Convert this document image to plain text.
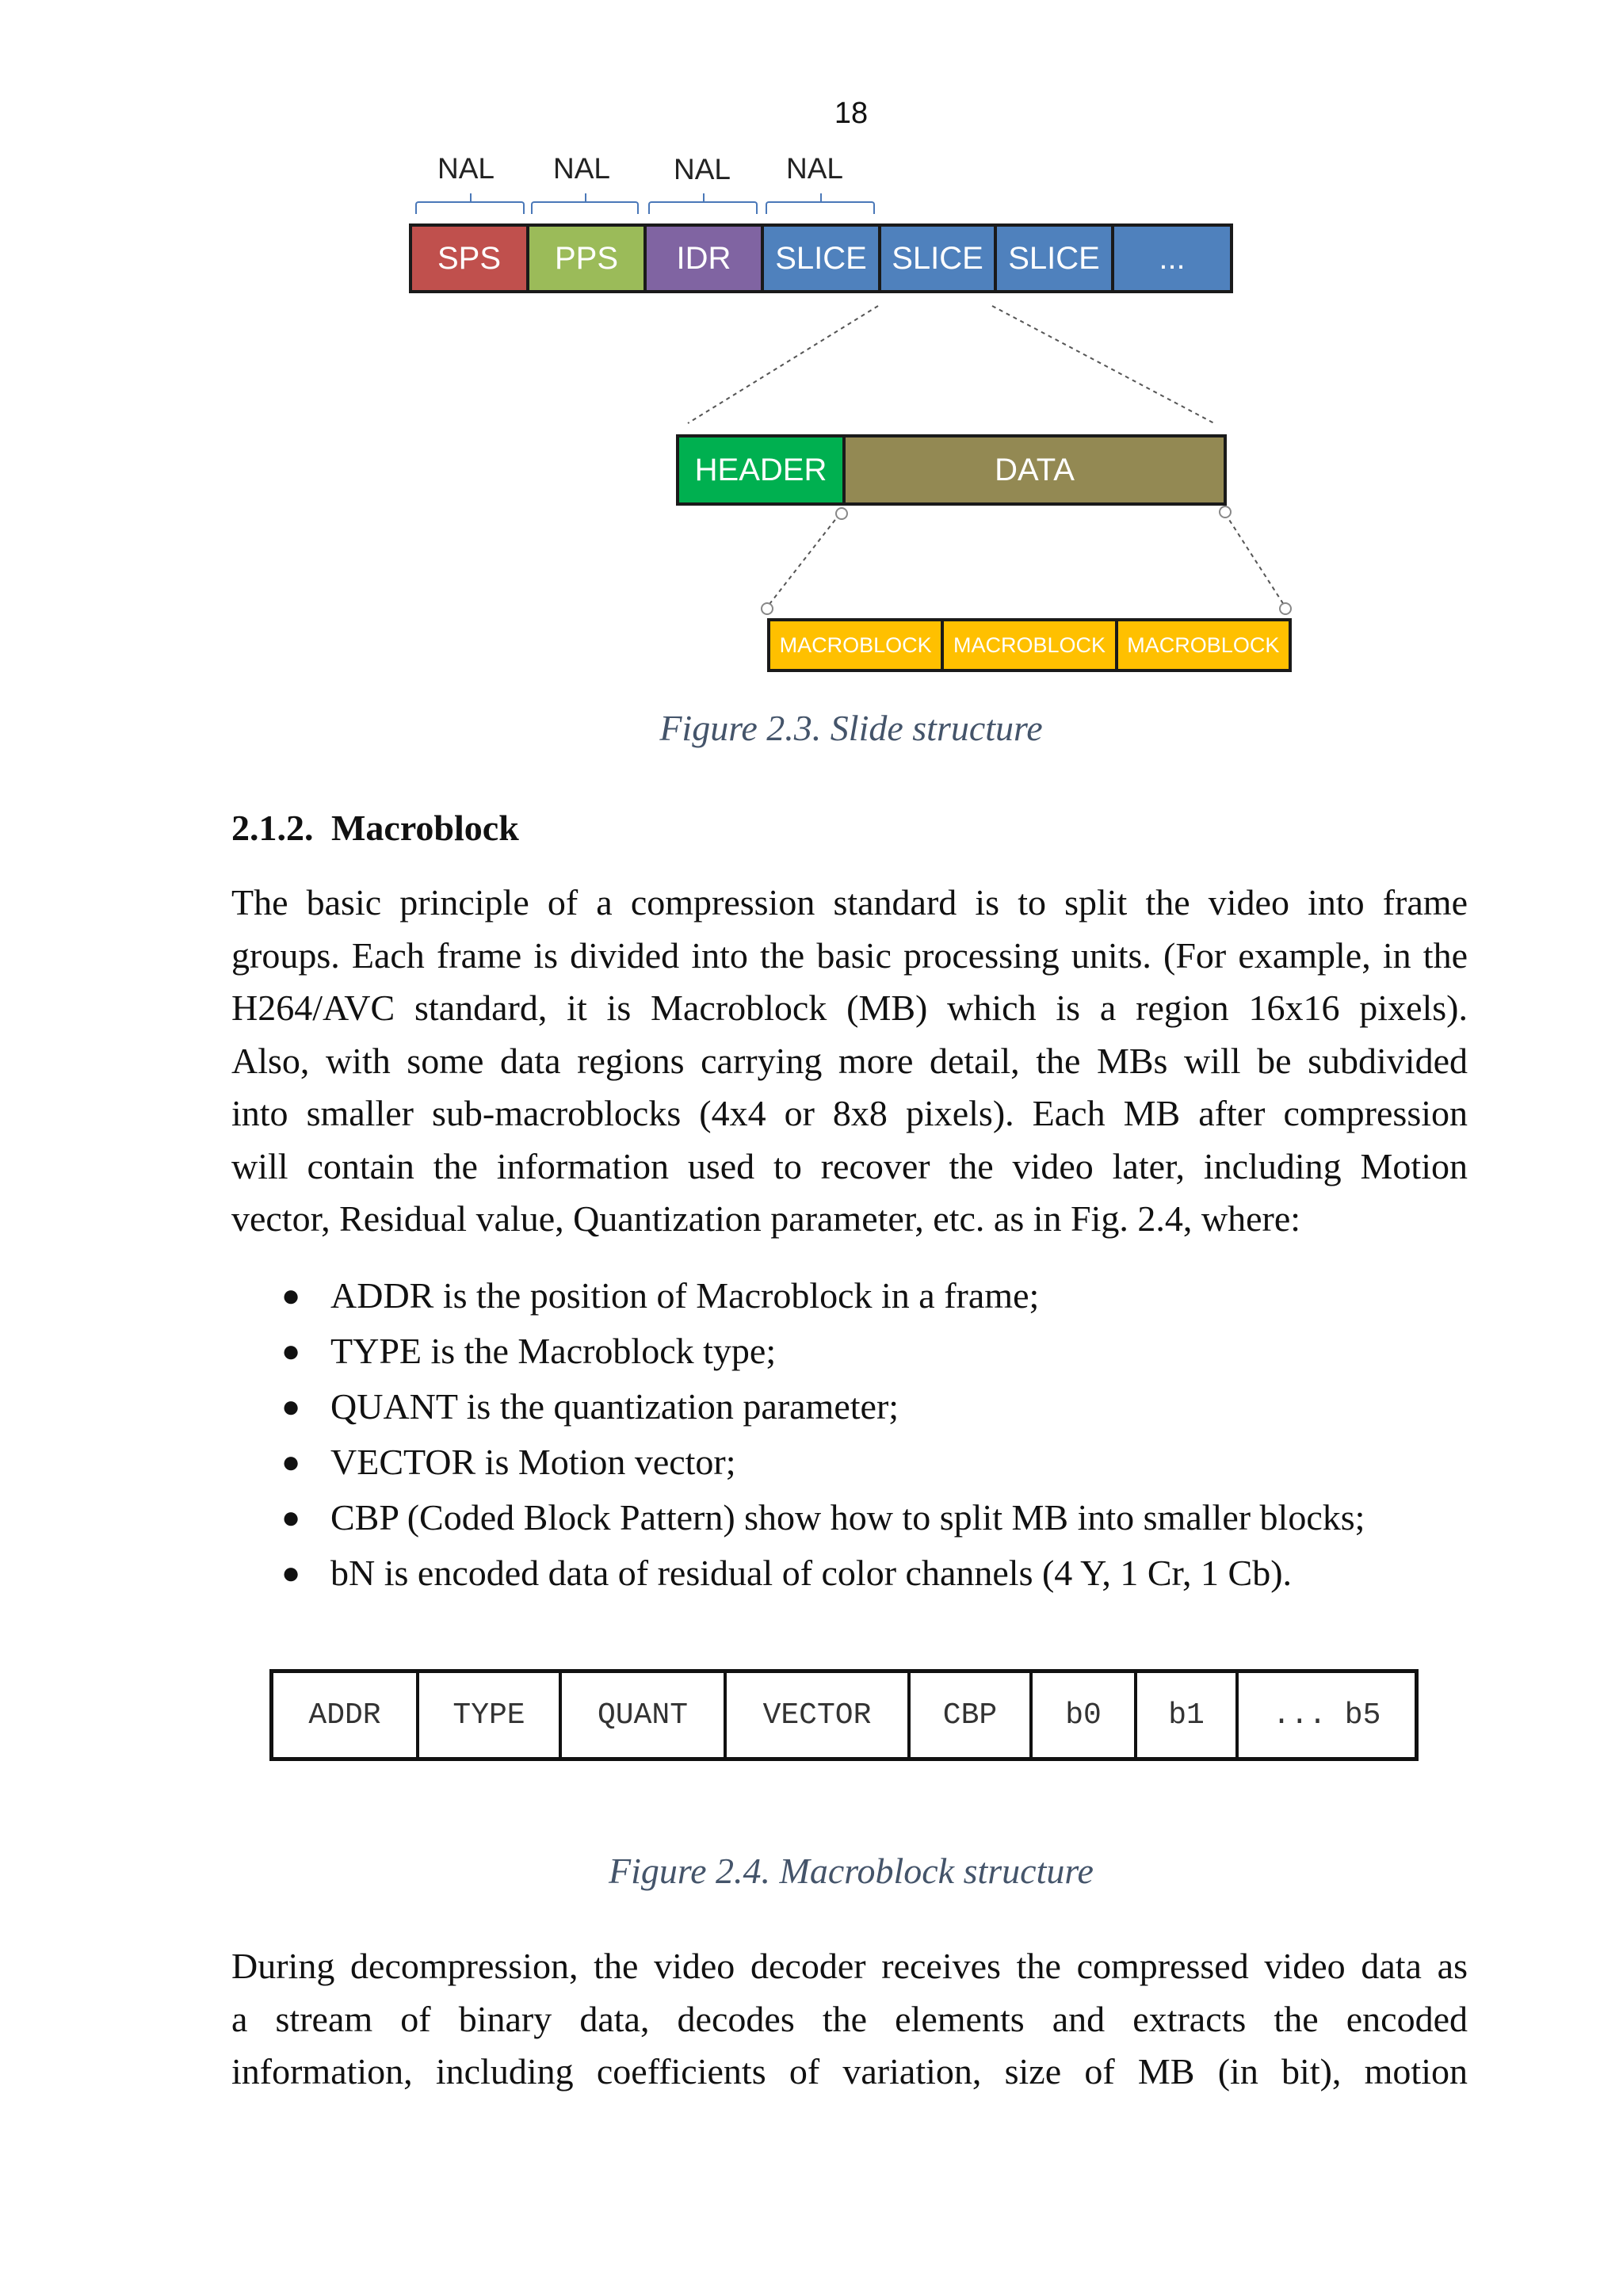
18
NAL	NAL	NAL	NAL
SPS PPS IDR SLICE SLICE SLICE ...
HEADER	DATA
MACROBLOCK	MACROBLOCK	MACROBLOCK
Figure 2.3. Slide structure
2.1.2. Macroblock
The basic principle of a compression standard is to split the video into frame
groups. Each frame is divided into the basic processing units. (For example, in the
H264/AVC standard, it is Macroblock (MB) which is a region 16x16 pixels).
Also, with some data regions carrying more detail, the MBs will be subdivided
into smaller sub-macroblocks (4x4 or 8x8 pixels). Each MB after compression
will contain the information used to recover the video later, including Motion
vector, Residual value, Quantization parameter, etc. as in Fig. 2.4, where:
● ADDR is the position of Macroblock in a frame;
● TYPE is the Macroblock type;
● QUANT is the quantization parameter;
● VECTOR is Motion vector;
● CBP (Coded Block Pattern) show how to split MB into smaller blocks;
● bN is encoded data of residual of color channels (4 Y, 1 Cr, 1 Cb).
ADDR	TYPE	QUANT	VECTOR	CBP	b0	b1	... b5
Figure 2.4. Macroblock structure
During decompression, the video decoder receives the compressed video data as
a stream of binary data, decodes the elements and extracts the encoded
information, including coefficients of variation, size of MB (in bit), motion
